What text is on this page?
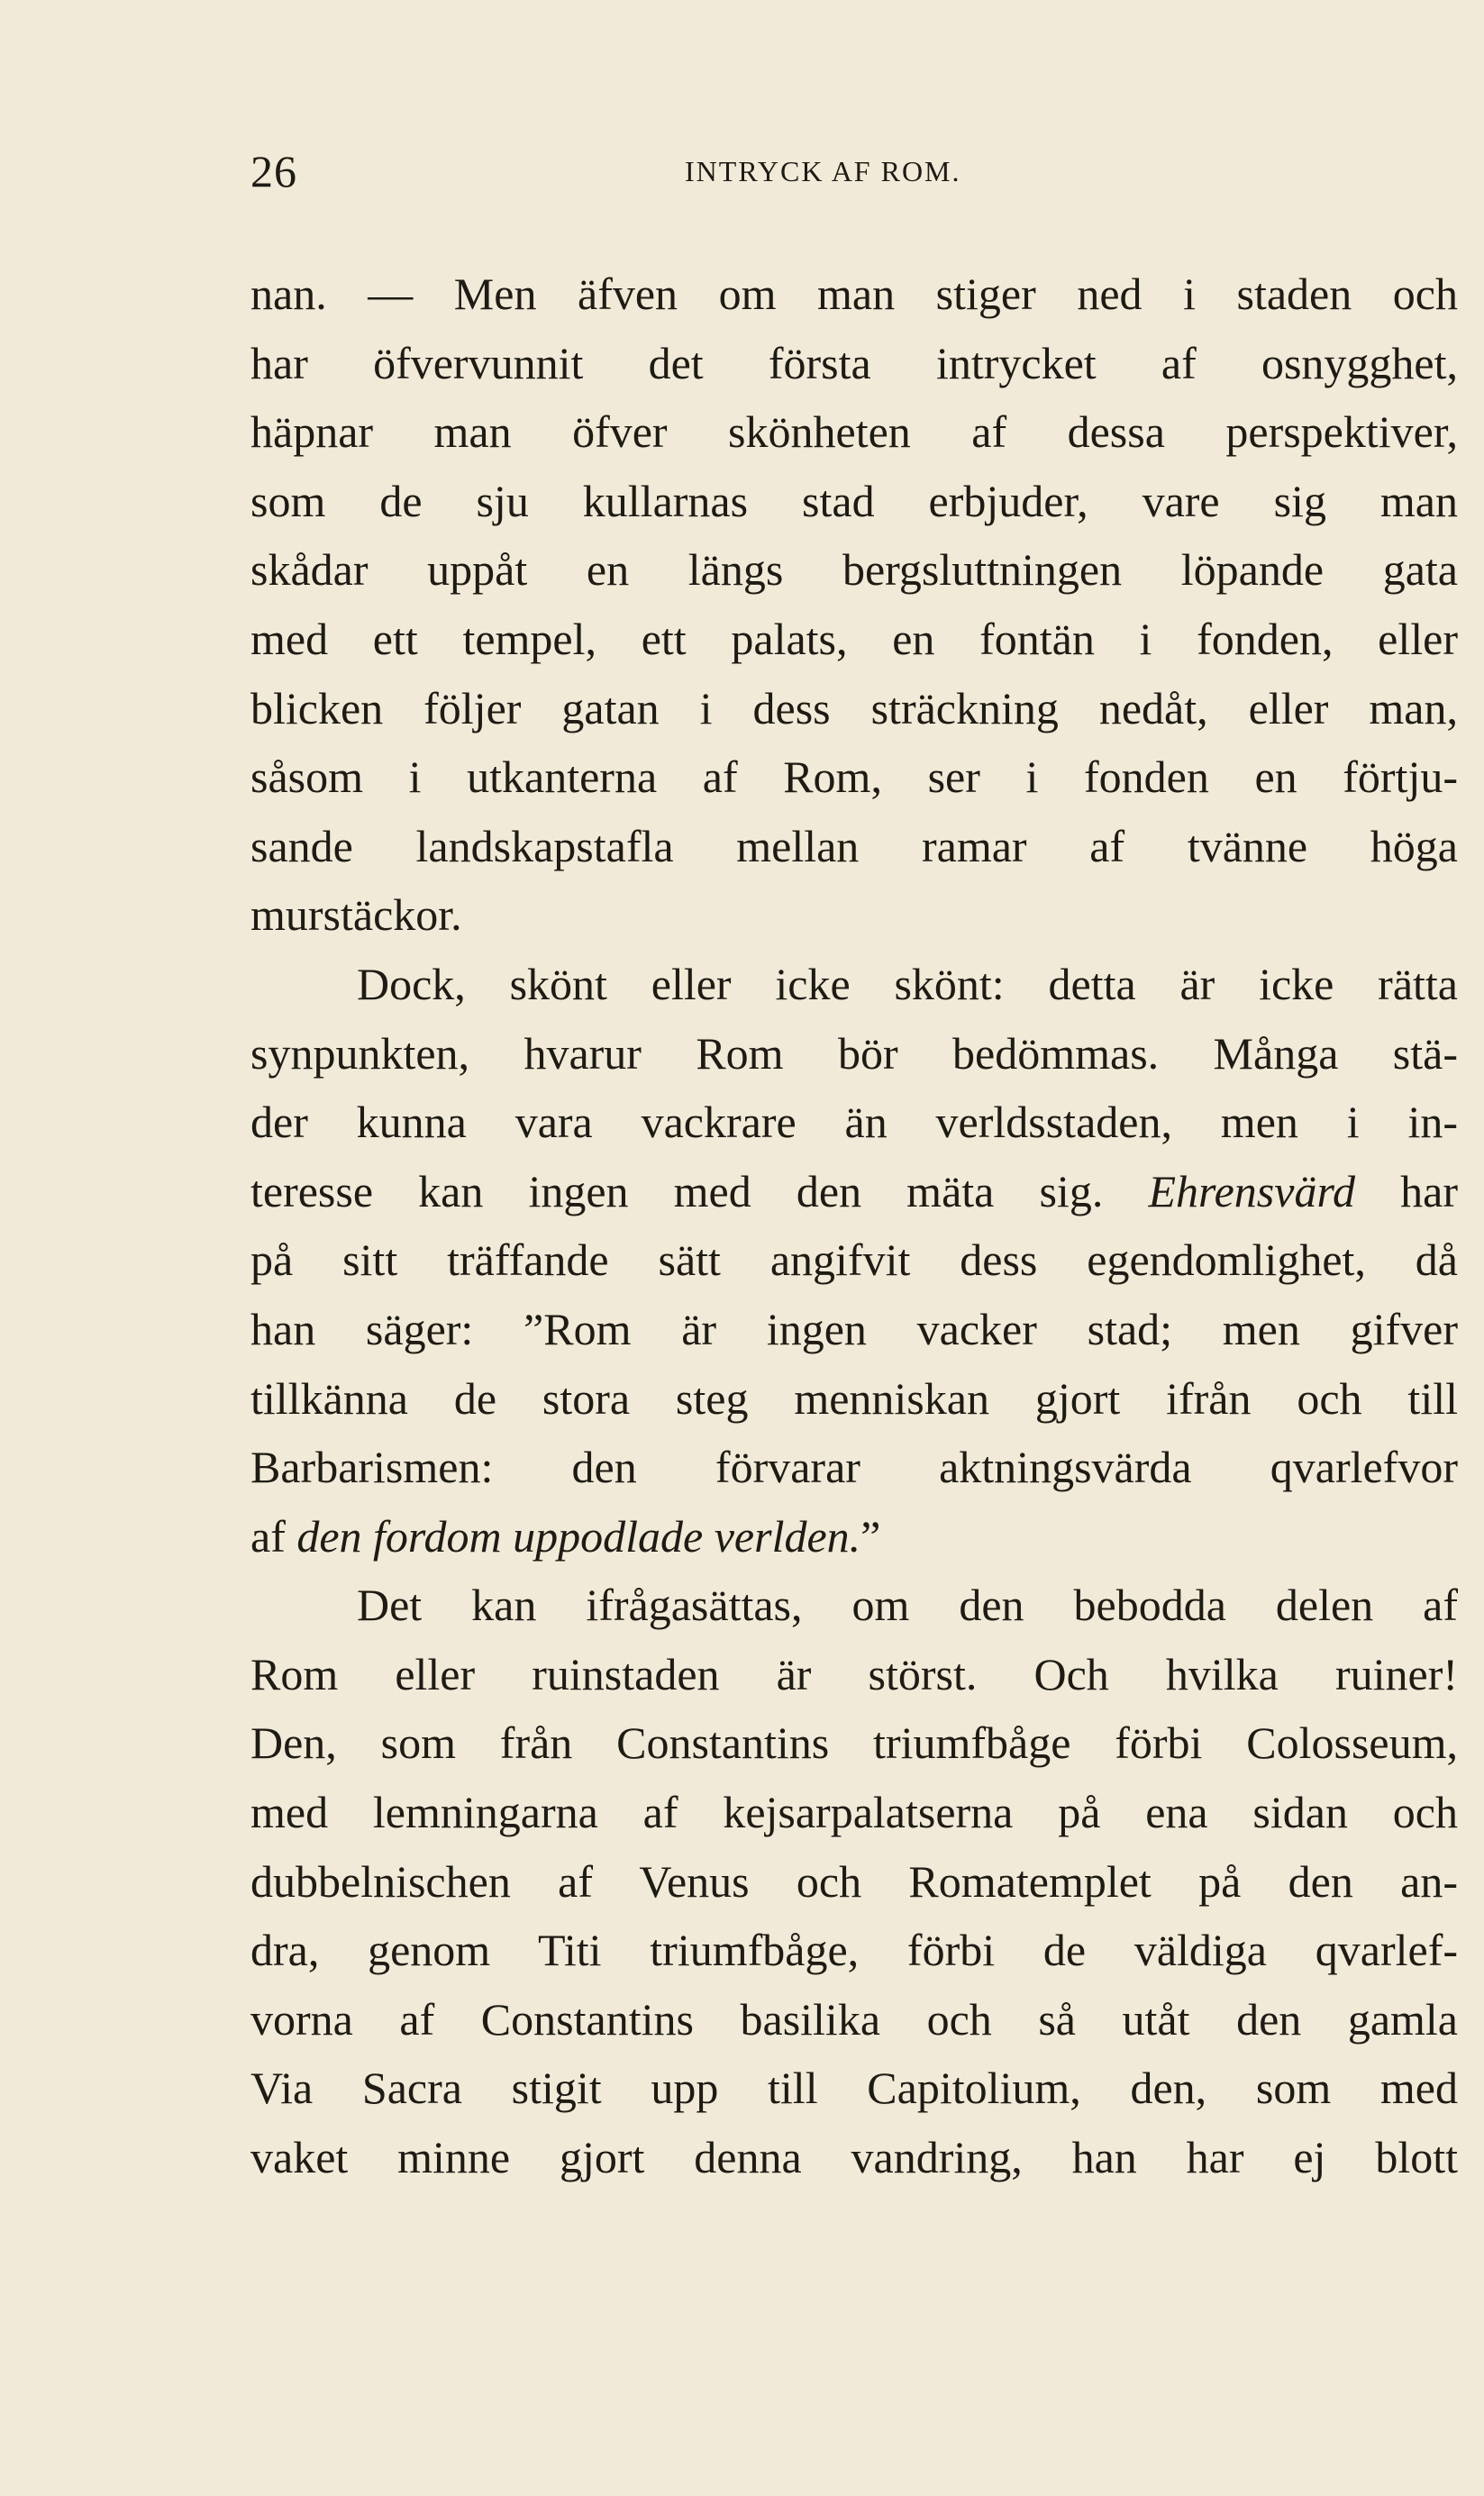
26	INTRYCK AF ROM.
nan. — Men äfven om man stiger ned i staden och
har öfvervunnit det första intrycket af osnygghet,
häpnar man öfver skönheten af dessa perspektiver,
som de sju kullarnas stad erbjuder, vare sig man
skådar uppåt en längs bergsluttningen löpande gata
med ett tempel, ett palats, en fontän i fonden, eller
blicken följer gatan i dess sträckning nedåt, eller man,
såsom i utkanterna af Rom, ser i fonden en förtju-
sande landskapstafla mellan ramar af tvänne höga
murstäckor.
Dock, skönt eller icke skönt: detta är icke rätta
synpunkten, hvarur Rom bör bedömmas. Många stä-
der kunna vara vackrare än verldsstaden, men i in-
teresse kan ingen med den mäta sig. Ehrensvärd har
på sitt träffande sätt angifvit dess egendomlighet, då
han säger: ”Rom är ingen vacker stad; men gifver
tillkänna de stora steg menniskan gjort ifrån och till
Barbarismen: den förvarar aktningsvärda qvarlefvor
af den fordom uppodlade verlden.”
Det kan ifrågasättas, om den bebodda delen af
Rom eller ruinstaden är störst. Och hvilka ruiner!
Den, som från Constantins triumfbåge förbi Colosseum,
med lemningarna af kejsarpalatserna på ena sidan och
dubbelnischen af Venus och Romatemplet på den an-
dra, genom Titi triumfbåge, förbi de väldiga qvarlef-
vorna af Constantins basilika och så utåt den gamla
Via Sacra stigit upp till Capitolium, den, som med
vaket minne gjort denna vandring, han har ej blott
